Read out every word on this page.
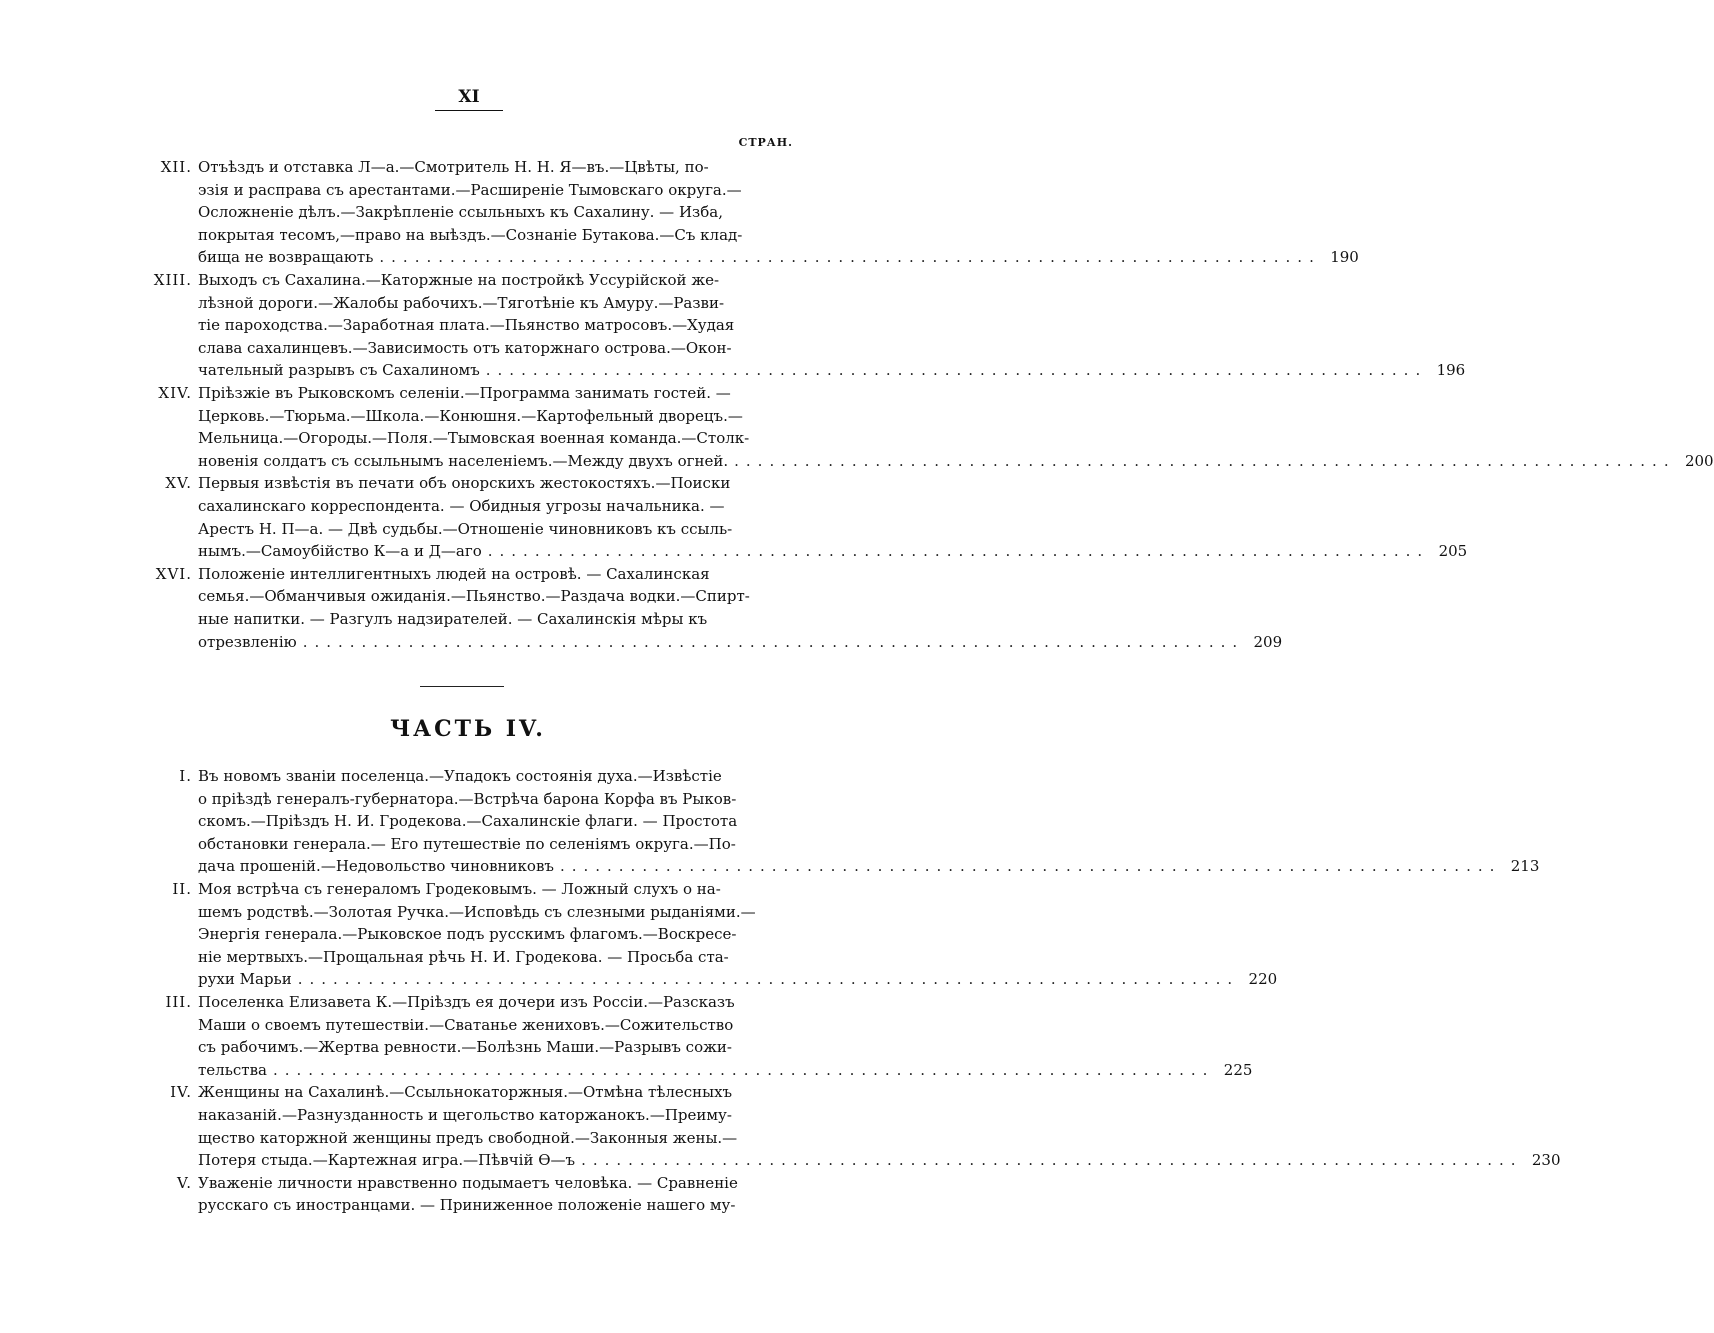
XI
СТРАН.
XII. Отъѣздъ и отставка Л—а.—Смотритель Н. Н. Я—въ.—Цвѣты, по-
эзія и расправа съ арестантами.—Расширеніе Тымовскаго округа.—
Осложненіе дѣлъ.—Закрѣпленіе ссыльныхъ къ Сахалину. — Изба,
покрытая тесомъ,—право на выѣздъ.—Сознаніе Бутакова.—Съ клад-
бища не возвращають ................................................................................ 190
XIII. Выходъ съ Сахалина.—Каторжные на постройкѣ Уссурійской же-
лѣзной дороги.—Жалобы рабочихъ.—Тяготѣніе къ Амуру.—Разви-
тіе пароходства.—Заработная плата.—Пьянство матросовъ.—Худая
слава сахалинцевъ.—Зависимость отъ каторжнаго острова.—Окон-
чательный разрывъ съ Сахалиномъ ................................................................................ 196
XIV. Пріѣзжіе въ Рыковскомъ селеніи.—Программа занимать гостей. —
Церковь.—Тюрьма.—Школа.—Конюшня.—Картофельный дворецъ.—
Мельница.—Огороды.—Поля.—Тымовская военная команда.—Столк-
новенія солдатъ съ ссыльнымъ населеніемъ.—Между двухъ огней. ................................................................................ 200
XV. Первыя извѣстія въ печати объ онорскихъ жестокостяхъ.—Поиски
сахалинскаго корреспондента. — Обидныя угрозы начальника. —
Арестъ Н. П—а. — Двѣ судьбы.—Отношеніе чиновниковъ къ ссыль-
нымъ.—Самоубійство К—а и Д—аго ................................................................................ 205
XVI. Положеніе интеллигентныхъ людей на островѣ. — Сахалинская
семья.—Обманчивыя ожиданія.—Пьянство.—Раздача водки.—Спирт-
ные напитки. — Разгулъ надзирателей. — Сахалинскія мѣры къ
отрезвленію ................................................................................ 209
ЧАСТЬ IV.
I. Въ новомъ званіи поселенца.—Упадокъ состоянія духа.—Извѣстіе
о пріѣздѣ генералъ-губернатора.—Встрѣча барона Корфа въ Рыков-
скомъ.—Пріѣздъ Н. И. Гродекова.—Сахалинскіе флаги. — Простота
обстановки генерала.— Его путешествіе по селеніямъ округа.—По-
дача прошеній.—Недовольство чиновниковъ ................................................................................ 213
II. Моя встрѣча съ генераломъ Гродековымъ. — Ложный слухъ о на-
шемъ родствѣ.—Золотая Ручка.—Исповѣдь съ слезными рыданіями.—
Энергія генерала.—Рыковское подъ русскимъ флагомъ.—Воскресе-
ніе мертвыхъ.—Прощальная рѣчь Н. И. Гродекова. — Просьба ста-
рухи Марьи ................................................................................ 220
III. Поселенка Елизавета К.—Пріѣздъ ея дочери изъ Россіи.—Разсказъ
Маши о своемъ путешествіи.—Сватанье жениховъ.—Сожительство
съ рабочимъ.—Жертва ревности.—Болѣзнь Маши.—Разрывъ сожи-
тельства ................................................................................ 225
IV. Женщины на Сахалинѣ.—Ссыльнокаторжныя.—Отмѣна тѣлесныхъ
наказаній.—Разнузданность и щегольство каторжанокъ.—Преиму-
щество каторжной женщины предъ свободной.—Законныя жены.—
Потеря стыда.—Картежная игра.—Пѣвчій Ѳ—ъ ................................................................................ 230
V. Уваженіе личности нравственно подымаетъ человѣка. — Сравненіе
русскаго съ иностранцами. — Приниженное положеніе нашего му-
